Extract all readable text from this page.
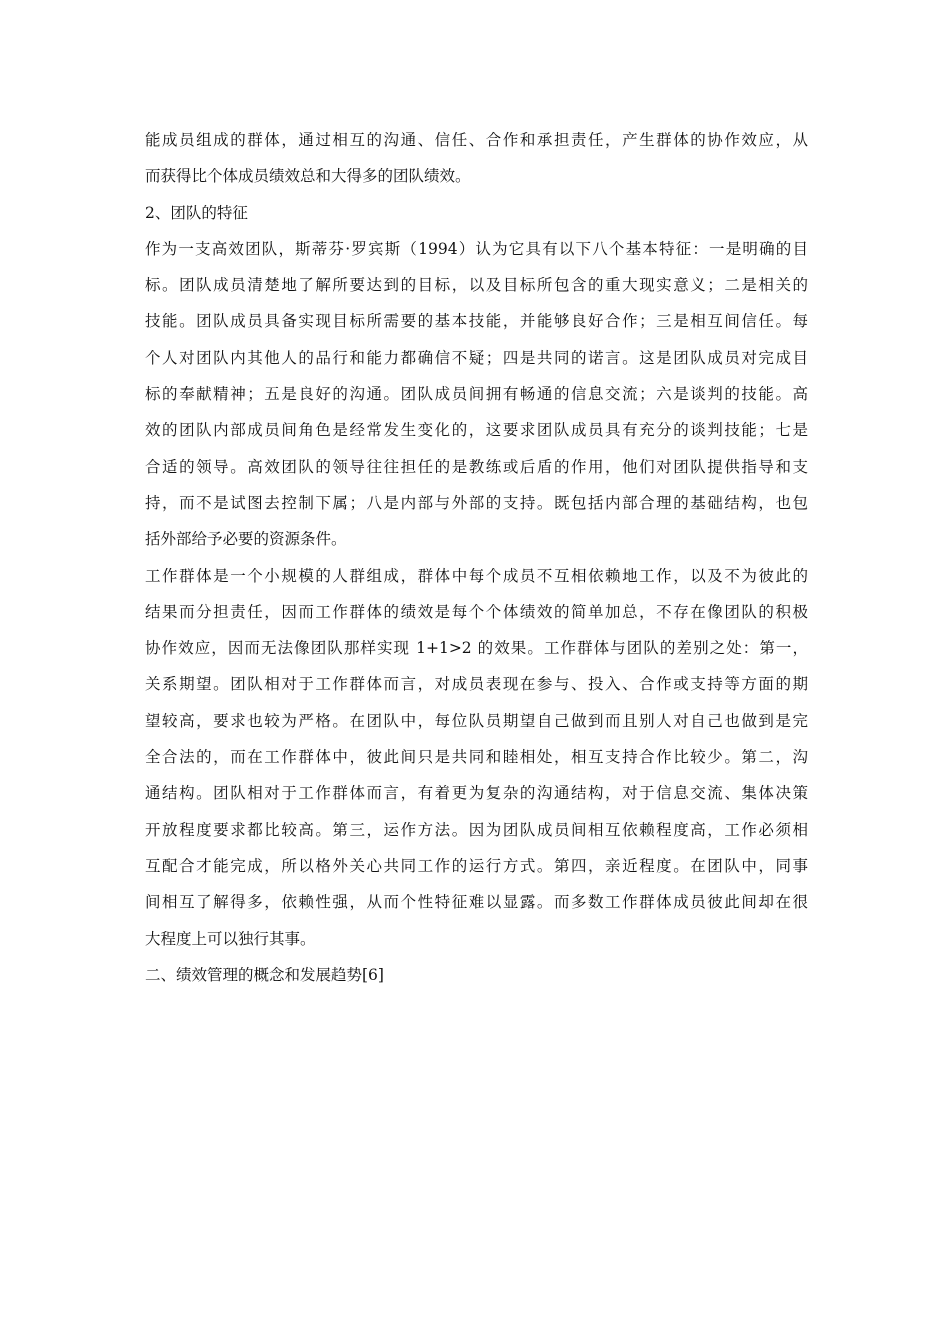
能成员组成的群体，通过相互的沟通、信任、合作和承担责任，产生群体的协作效应，从
而获得比个体成员绩效总和大得多的团队绩效。
2、团队的特征
作为一支高效团队，斯蒂芬·罗宾斯（1994）认为它具有以下八个基本特征：一是明确的目
标。团队成员清楚地了解所要达到的目标，以及目标所包含的重大现实意义；二是相关的
技能。团队成员具备实现目标所需要的基本技能，并能够良好合作；三是相互间信任。每
个人对团队内其他人的品行和能力都确信不疑；四是共同的诺言。这是团队成员对完成目
标的奉献精神；五是良好的沟通。团队成员间拥有畅通的信息交流；六是谈判的技能。高
效的团队内部成员间角色是经常发生变化的，这要求团队成员具有充分的谈判技能；七是
合适的领导。高效团队的领导往往担任的是教练或后盾的作用，他们对团队提供指导和支
持，而不是试图去控制下属；八是内部与外部的支持。既包括内部合理的基础结构，也包
括外部给予必要的资源条件。
工作群体是一个小规模的人群组成，群体中每个成员不互相依赖地工作，以及不为彼此的
结果而分担责任，因而工作群体的绩效是每个个体绩效的简单加总，不存在像团队的积极
协作效应，因而无法像团队那样实现 1+1>2 的效果。工作群体与团队的差别之处：第一，
关系期望。团队相对于工作群体而言，对成员表现在参与、投入、合作或支持等方面的期
望较高，要求也较为严格。在团队中，每位队员期望自己做到而且别人对自己也做到是完
全合法的，而在工作群体中，彼此间只是共同和睦相处，相互支持合作比较少。第二，沟
通结构。团队相对于工作群体而言，有着更为复杂的沟通结构，对于信息交流、集体决策
开放程度要求都比较高。第三，运作方法。因为团队成员间相互依赖程度高，工作必须相
互配合才能完成，所以格外关心共同工作的运行方式。第四，亲近程度。在团队中，同事
间相互了解得多，依赖性强，从而个性特征难以显露。而多数工作群体成员彼此间却在很
大程度上可以独行其事。
二、绩效管理的概念和发展趋势[6]
